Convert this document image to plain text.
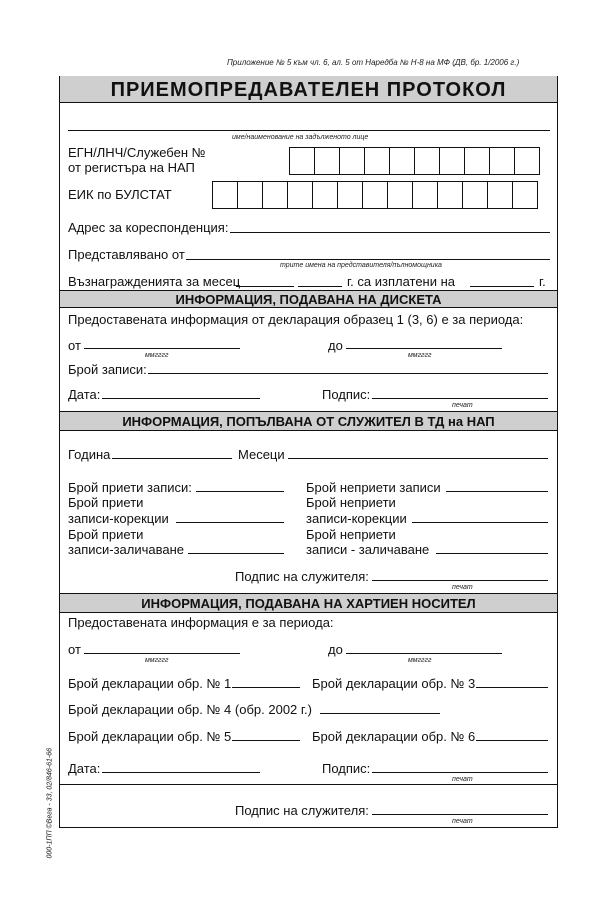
Приложение № 5 към чл. 6, ал. 5 от Наредба № Н-8 на МФ (ДВ, бр. 1/2006 г.)
000-1ПП ©Вега - 33, 02/846-61-66
ПРИЕМОПРЕДАВАТЕЛЕН ПРОТОКОЛ
име/наименование на задълженото лице
ЕГН/ЛНЧ/Служебен №
от регистъра на НАП
ЕИК по БУЛСТАТ
Адрес за кореспонденция:
Представлявано от
трите имена на представителя/пълномощника
Възнагражденията за месец	г. са изплатени на	г.
ИНФОРМАЦИЯ, ПОДАВАНА НА ДИСКЕТА
Предоставената информация от декларация образец 1 (3, 6) е за периода:
от
ммгггг
до
ммгггг
Брой записи:
Дата:	Подпис:
печат
ИНФОРМАЦИЯ, ПОПЪЛВАНА ОТ СЛУЖИТЕЛ В ТД на НАП
Година	Месеци
Брой приети записи:
Брой приети
записи-корекции
Брой приети
записи-заличаване
Брой неприети записи
Брой неприети
записи-корекции
Брой неприети
записи - заличаване
Подпис на служителя:
печат
ИНФОРМАЦИЯ, ПОДАВАНА НА ХАРТИЕН НОСИТЕЛ
Предоставената информация е за периода:
от
ммгггг
до
ммгггг
Брой декларации обр. № 1	Брой декларации обр. № 3
Брой декларации обр. № 4 (обр. 2002 г.)
Брой декларации обр. № 5	Брой декларации обр. № 6
Дата:	Подпис:
печат
Подпис на служителя:
печат
